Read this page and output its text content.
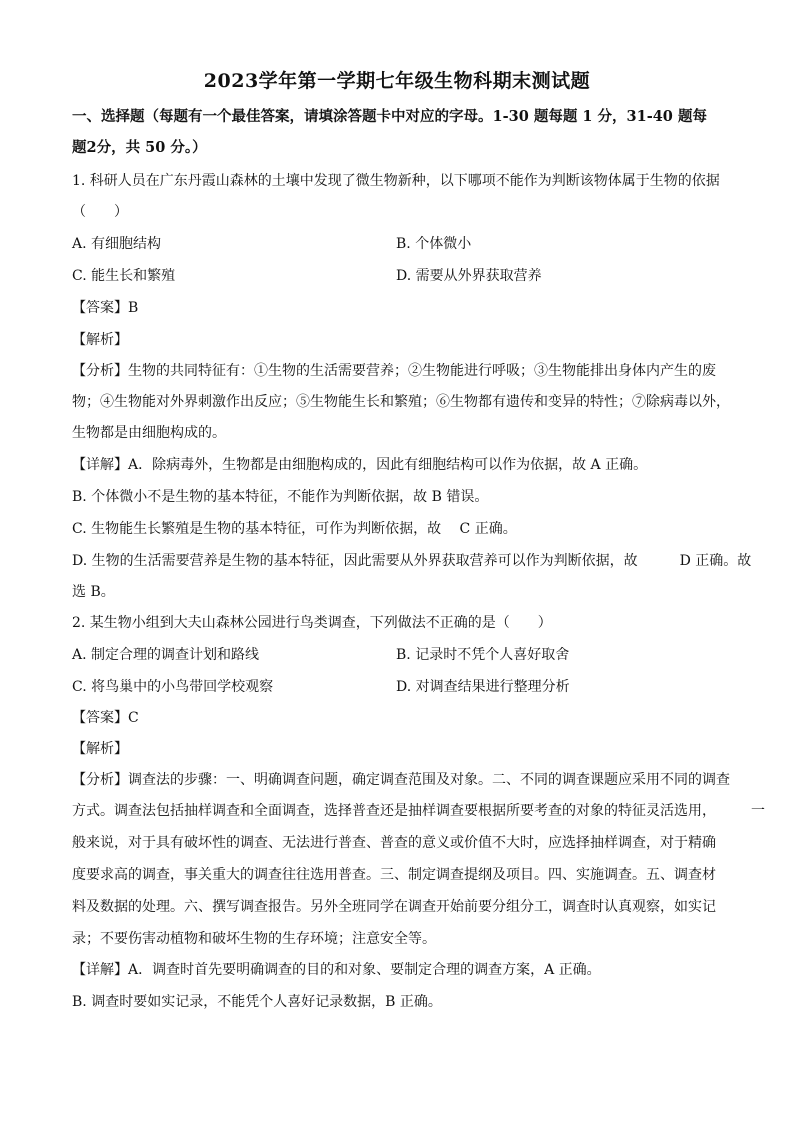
2023学年第一学期七年级生物科期末测试题
一、选择题（每题有一个最佳答案，请填涂答题卡中对应的字母。1-30 题每题 1 分，31-40 题每
题2分，共 50 分。）
1. 科研人员在广东丹霞山森林的土壤中发现了微生物新种，以下哪项不能作为判断该物体属于生物的依据
（　　）
A. 有细胞结构	B. 个体微小
C. 能生长和繁殖	D. 需要从外界获取营养
【答案】B
【解析】
【分析】生物的共同特征有：①生物的生活需要营养；②生物能进行呼吸；③生物能排出身体内产生的废
物；④生物能对外界刺激作出反应；⑤生物能生长和繁殖；⑥生物都有遗传和变异的特性；⑦除病毒以外，
生物都是由细胞构成的。
【详解】A．除病毒外，生物都是由细胞构成的，因此有细胞结构可以作为依据，故 A 正确。
B. 个体微小不是生物的基本特征，不能作为判断依据，故 B 错误。
C. 生物能生长繁殖是生物的基本特征，可作为判断依据，故　 C 正确。
D. 生物的生活需要营养是生物的基本特征，因此需要从外界获取营养可以作为判断依据，故　　　D 正确。故
选 B。
2. 某生物小组到大夫山森林公园进行鸟类调查，下列做法不正确的是（　　）
A. 制定合理的调查计划和路线	B. 记录时不凭个人喜好取舍
C. 将鸟巢中的小鸟带回学校观察	D. 对调查结果进行整理分析
【答案】C
【解析】
【分析】调查法的步骤：一、明确调查问题，确定调查范围及对象。二、不同的调查课题应采用不同的调查
方式。调查法包括抽样调查和全面调查，选择普查还是抽样调查要根据所要考查的对象的特征灵活选用，　　　一
般来说，对于具有破坏性的调查、无法进行普查、普查的意义或价值不大时，应选择抽样调查，对于精确
度要求高的调查，事关重大的调查往往选用普查。三、制定调查提纲及项目。四、实施调查。五、调查材
料及数据的处理。六、撰写调查报告。另外全班同学在调查开始前要分组分工，调查时认真观察，如实记
录；不要伤害动植物和破坏生物的生存环境；注意安全等。
【详解】A．调查时首先要明确调查的目的和对象、要制定合理的调查方案，A 正确。
B. 调查时要如实记录，不能凭个人喜好记录数据，B 正确。
